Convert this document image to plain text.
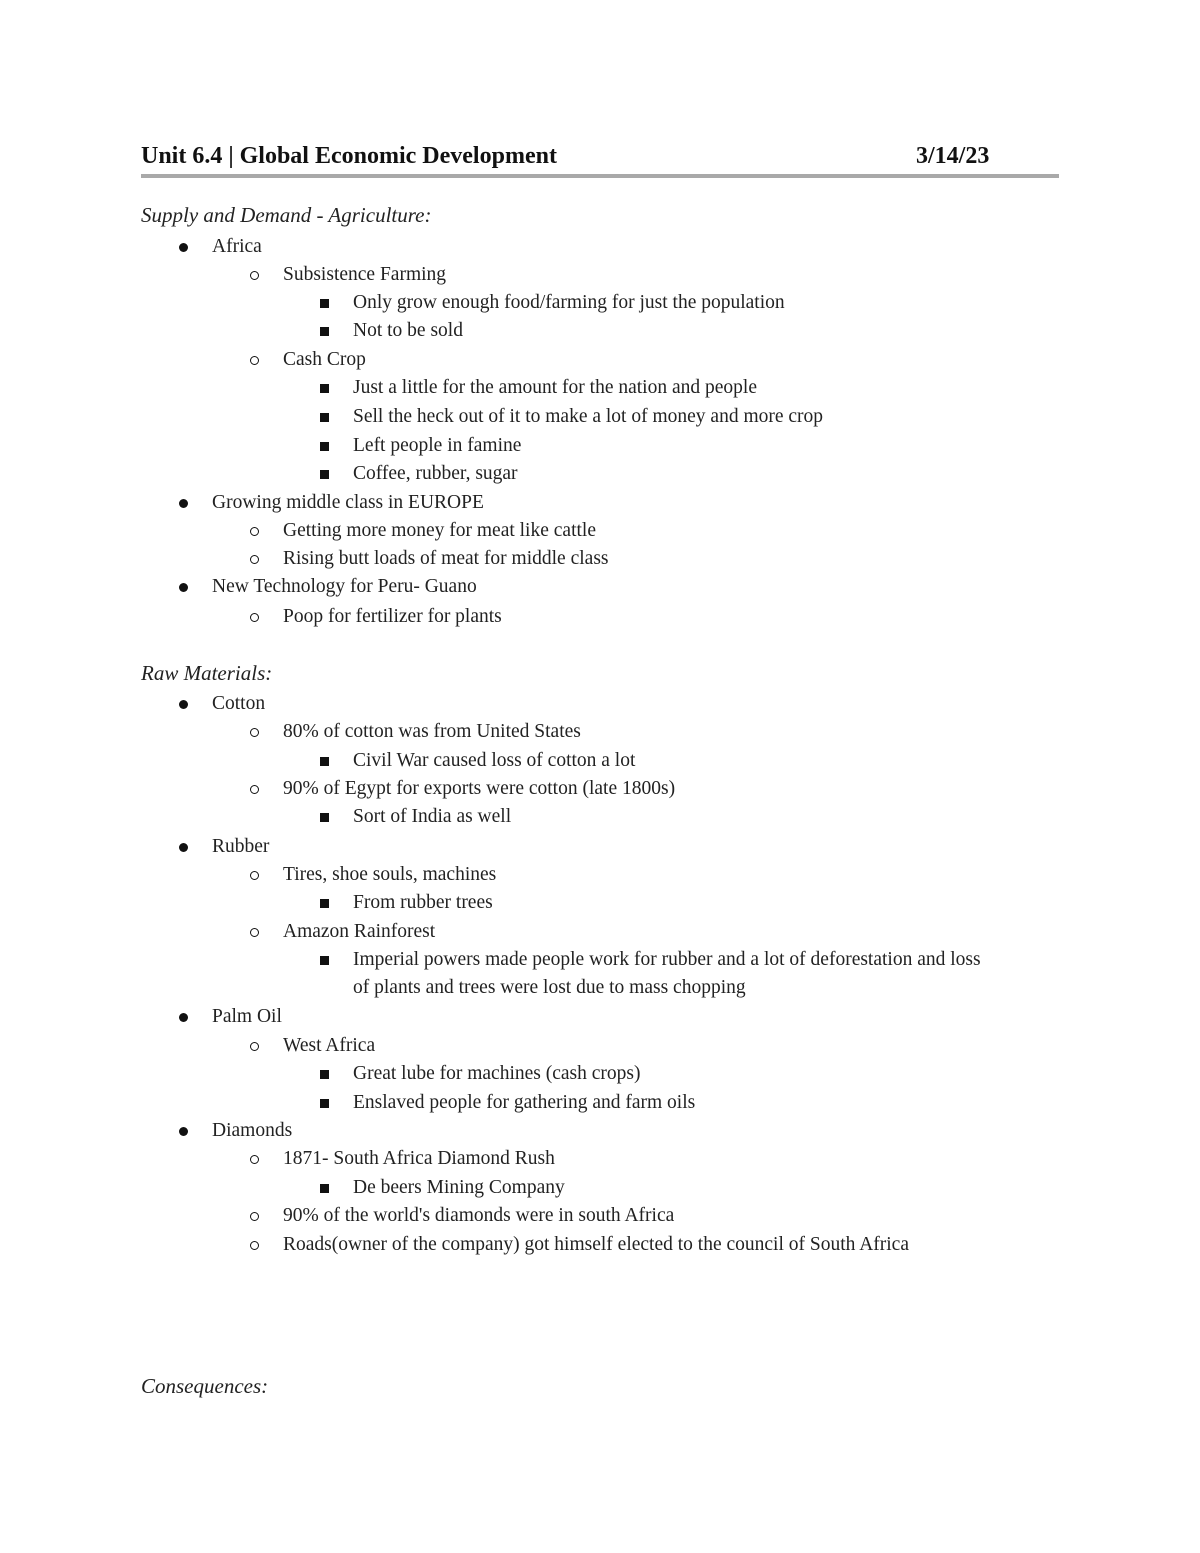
Unit 6.4 | Global Economic Development	3/14/23
Supply and Demand - Agriculture:
Africa
Subsistence Farming
Only grow enough food/farming for just the population
Not to be sold
Cash Crop
Just a little for the amount for the nation and people
Sell the heck out of it to make a lot of money and more crop
Left people in famine
Coffee, rubber, sugar
Growing middle class in EUROPE
Getting more money for meat like cattle
Rising butt loads of meat for middle class
New Technology for Peru- Guano
Poop for fertilizer for plants
Raw Materials:
Cotton
80% of cotton was from United States
Civil War caused loss of cotton a lot
90% of Egypt for exports were cotton (late 1800s)
Sort of India as well
Rubber
Tires, shoe souls, machines
From rubber trees
Amazon Rainforest
Imperial powers made people work for rubber and a lot of deforestation and loss
of plants and trees were lost due to mass chopping
Palm Oil
West Africa
Great lube for machines (cash crops)
Enslaved people for gathering and farm oils
Diamonds
1871- South Africa Diamond Rush
De beers Mining Company
90% of the world's diamonds were in south Africa
Roads(owner of the company) got himself elected to the council of South Africa
Consequences:
